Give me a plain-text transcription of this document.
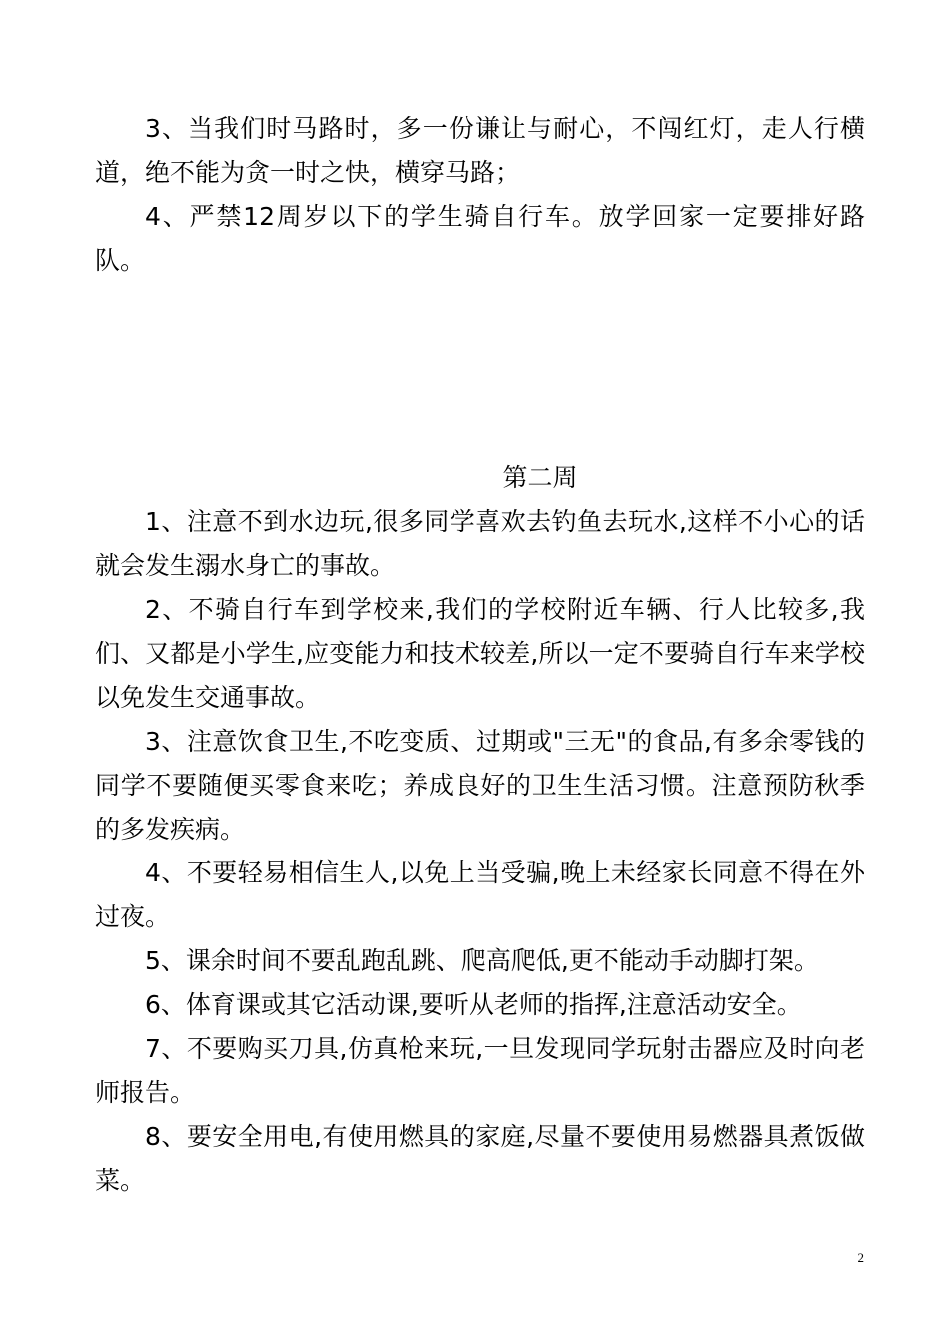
3、当我们时马路时，多一份谦让与耐心，不闯红灯，走人行横道，绝不能为贪一时之快，横穿马路；

4、严禁12周岁以下的学生骑自行车。放学回家一定要排好路队。

第二周

1、注意不到水边玩,很多同学喜欢去钓鱼去玩水,这样不小心的话就会发生溺水身亡的事故。

2、不骑自行车到学校来,我们的学校附近车辆、行人比较多,我们、又都是小学生,应变能力和技术较差,所以一定不要骑自行车来学校以免发生交通事故。

3、注意饮食卫生,不吃变质、过期或"三无"的食品,有多余零钱的同学不要随便买零食来吃；养成良好的卫生生活习惯。注意预防秋季的多发疾病。

4、不要轻易相信生人,以免上当受骗,晚上未经家长同意不得在外过夜。

5、课余时间不要乱跑乱跳、爬高爬低,更不能动手动脚打架。

6、体育课或其它活动课,要听从老师的指挥,注意活动安全。

7、不要购买刀具,仿真枪来玩,一旦发现同学玩射击器应及时向老师报告。

8、要安全用电,有使用燃具的家庭,尽量不要使用易燃器具煮饭做菜。

2
